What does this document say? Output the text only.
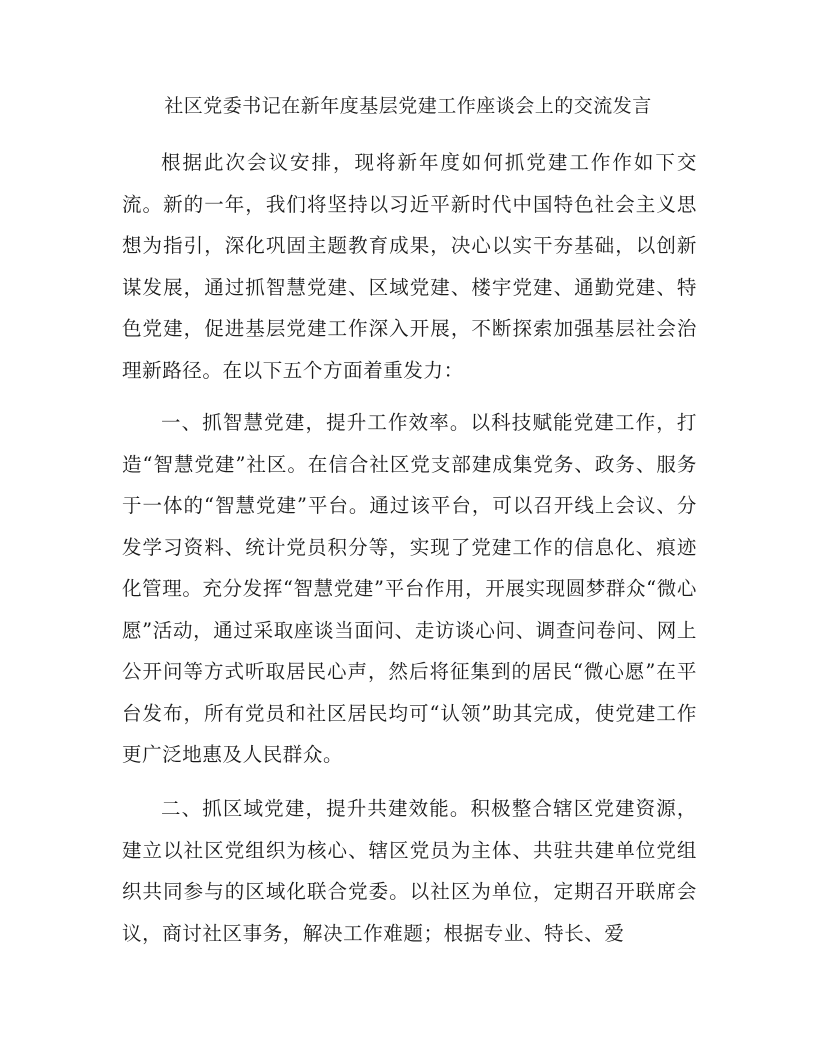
社区党委书记在新年度基层党建工作座谈会上的交流发言

根据此次会议安排，现将新年度如何抓党建工作作如下交流。新的一年，我们将坚持以习近平新时代中国特色社会主义思想为指引，深化巩固主题教育成果，决心以实干夯基础，以创新谋发展，通过抓智慧党建、区域党建、楼宇党建、通勤党建、特色党建，促进基层党建工作深入开展，不断探索加强基层社会治理新路径。在以下五个方面着重发力：

一、抓智慧党建，提升工作效率。以科技赋能党建工作，打造“智慧党建”社区。在信合社区党支部建成集党务、政务、服务于一体的“智慧党建”平台。通过该平台，可以召开线上会议、分发学习资料、统计党员积分等，实现了党建工作的信息化、痕迹化管理。充分发挥“智慧党建”平台作用，开展实现圆梦群众“微心愿”活动，通过采取座谈当面问、走访谈心问、调查问卷问、网上公开问等方式听取居民心声，然后将征集到的居民“微心愿”在平台发布，所有党员和社区居民均可“认领”助其完成，使党建工作更广泛地惠及人民群众。

二、抓区域党建，提升共建效能。积极整合辖区党建资源，建立以社区党组织为核心、辖区党员为主体、共驻共建单位党组织共同参与的区域化联合党委。以社区为单位，定期召开联席会议，商讨社区事务，解决工作难题；根据专业、特长、爱
